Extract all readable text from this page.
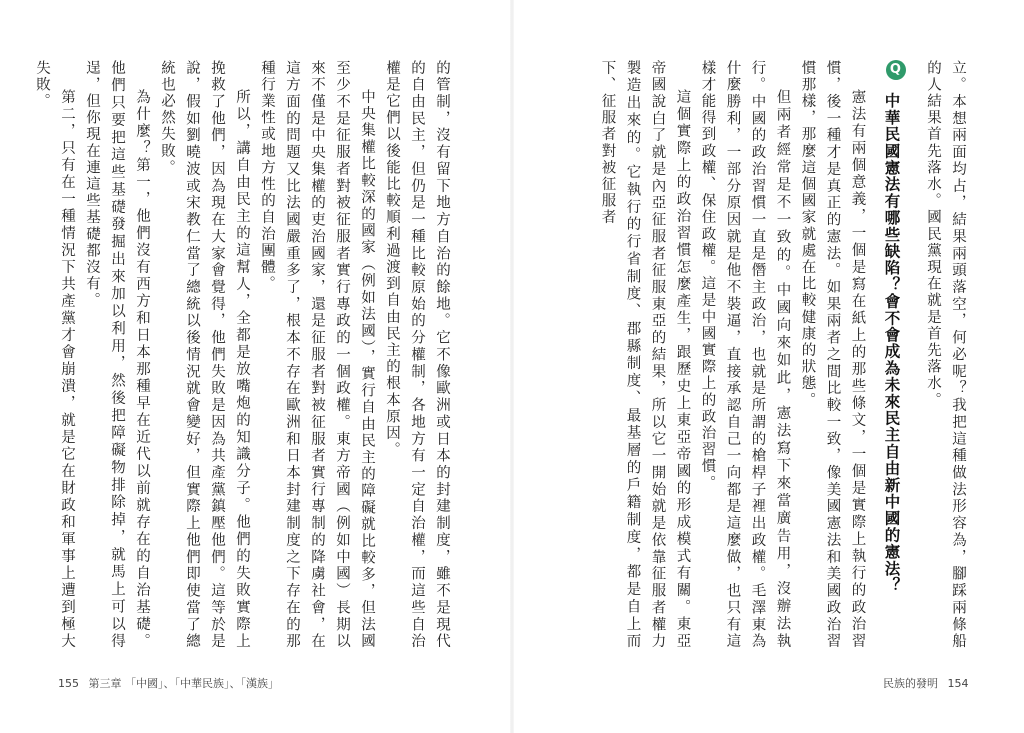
的管制，沒有留下地方自治的餘地。它不像歐洲或日本的封建制度，雖不是現代的自由民主，但仍是一種比較原始的分權制，各地方有一定自治權，而這些自治權是它們以後能比較順利過渡到自由民主的根本原因。

中央集權比較深的國家（例如法國），實行自由民主的障礙就比較多，但法國至少不是征服者對被征服者實行專政的一個政權。東方帝國（例如中國）長期以來不僅是中央集權的吏治國家，還是征服者對被征服者實行專制的降虜社會，在這方面的問題又比法國嚴重多了，根本不存在歐洲和日本封建制度之下存在的那種行業性或地方性的自治團體。

所以，講自由民主的這幫人，全都是放嘴炮的知識分子。他們的失敗實際上挽救了他們，因為現在大家會覺得，他們失敗是因為共產黨鎮壓他們。這等於是說，假如劉曉波或宋教仁當了總統以後情況就會變好，但實際上他們即使當了總統也必然失敗。

為什麼？第一，他們沒有西方和日本那種早在近代以前就存在的自治基礎。他們只要把這些基礎發掘出來加以利用，然後把障礙物排除掉，就馬上可以得逞，但你現在連這些基礎都沒有。

第二，只有在一種情況下共產黨才會崩潰，就是它在財政和軍事上遭到極大失敗。	立。本想兩面均占，結果兩頭落空，何必呢？我把這種做法形容為，腳踩兩條船的人結果首先落水。國民黨現在就是首先落水。

Q 中華民國憲法有哪些缺陷？會不會成為未來民主自由新中國的憲法？

憲法有兩個意義，一個是寫在紙上的那些條文，一個是實際上執行的政治習慣，後一種才是真正的憲法。如果兩者之間比較一致，像美國憲法和美國政治習慣那樣，那麼這個國家就處在比較健康的狀態。

但兩者經常是不一致的。中國向來如此，憲法寫下來當廣告用，沒辦法執行。中國的政治習慣一直是僭主政治，也就是所謂的槍桿子裡出政權。毛澤東為什麼勝利，一部分原因就是他不裝逼，直接承認自己一向都是這麼做，也只有這樣才能得到政權、保住政權。這是中國實際上的政治習慣。

這個實際上的政治習慣怎麼產生，跟歷史上東亞帝國的形成模式有關。東亞帝國說白了就是內亞征服者征服東亞的結果，所以它一開始就是依靠征服者權力製造出來的。它執行的行省制度、郡縣制度、最基層的戶籍制度，都是自上而下、征服者對被征服者

155 第三章 「中國」、「中華民族」、「漢族」	民族的發明 154
